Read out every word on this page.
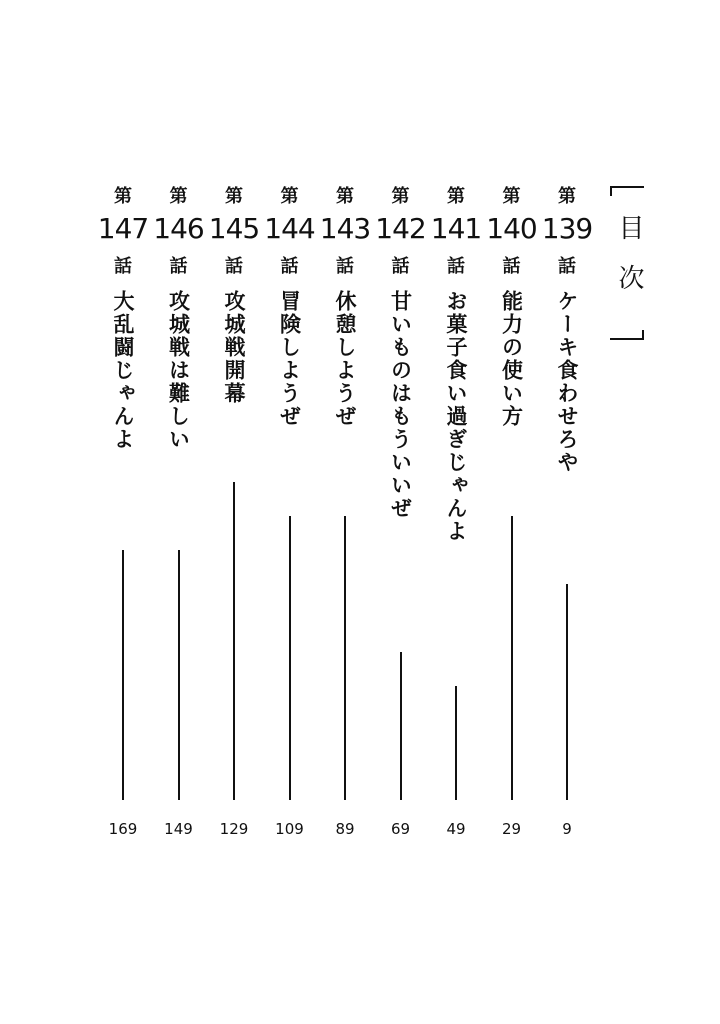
目次
第
139
話
ケーキ食わせろや
9
第
140
話
能力の使い方
29
第
141
話
お菓子食い過ぎじゃんよ
49
第
142
話
甘いものはもういいぜ
69
第
143
話
休憩しようぜ
89
第
144
話
冒険しようぜ
109
第
145
話
攻城戦開幕
129
第
146
話
攻城戦は難しい
149
第
147
話
大乱闘じゃんよ
169
